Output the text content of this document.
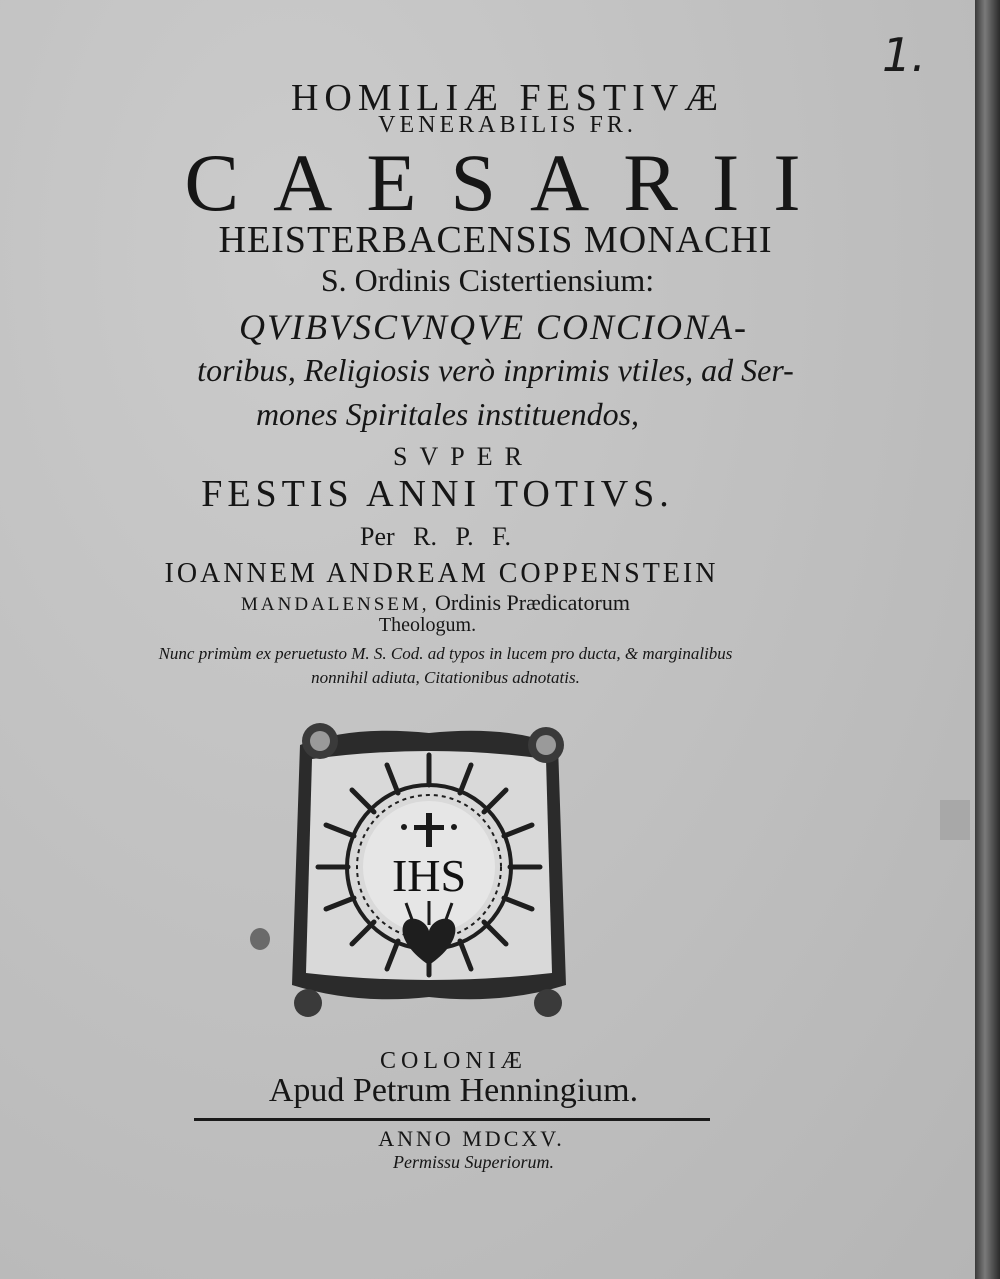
1.
HOMILIÆ FESTIVÆ
VENERABILIS FR.
CAESARII
HEISTERBACENSIS MONACHI
S. Ordinis Cistertiensium:
QVIBVSCVNQVE CONCIONA-
toribus, Religiosis verò inprimis vtiles, ad Ser-
mones Spiritales instituendos,
SVPER
FESTIS ANNI TOTIVS.
Per R. P. F.
IOANNEM ANDREAM COPPENSTEIN
MANDALENSEM, Ordinis Prædicatorum
Theologum.
Nunc primùm ex peruetusto M. S. Cod. ad typos in lucem pro ducta, & marginalibus
nonnihil adiuta, Citationibus adnotatis.
IHS
COLONIÆ
Apud Petrum Henningium.
ANNO MDCXV.
Permissu Superiorum.
